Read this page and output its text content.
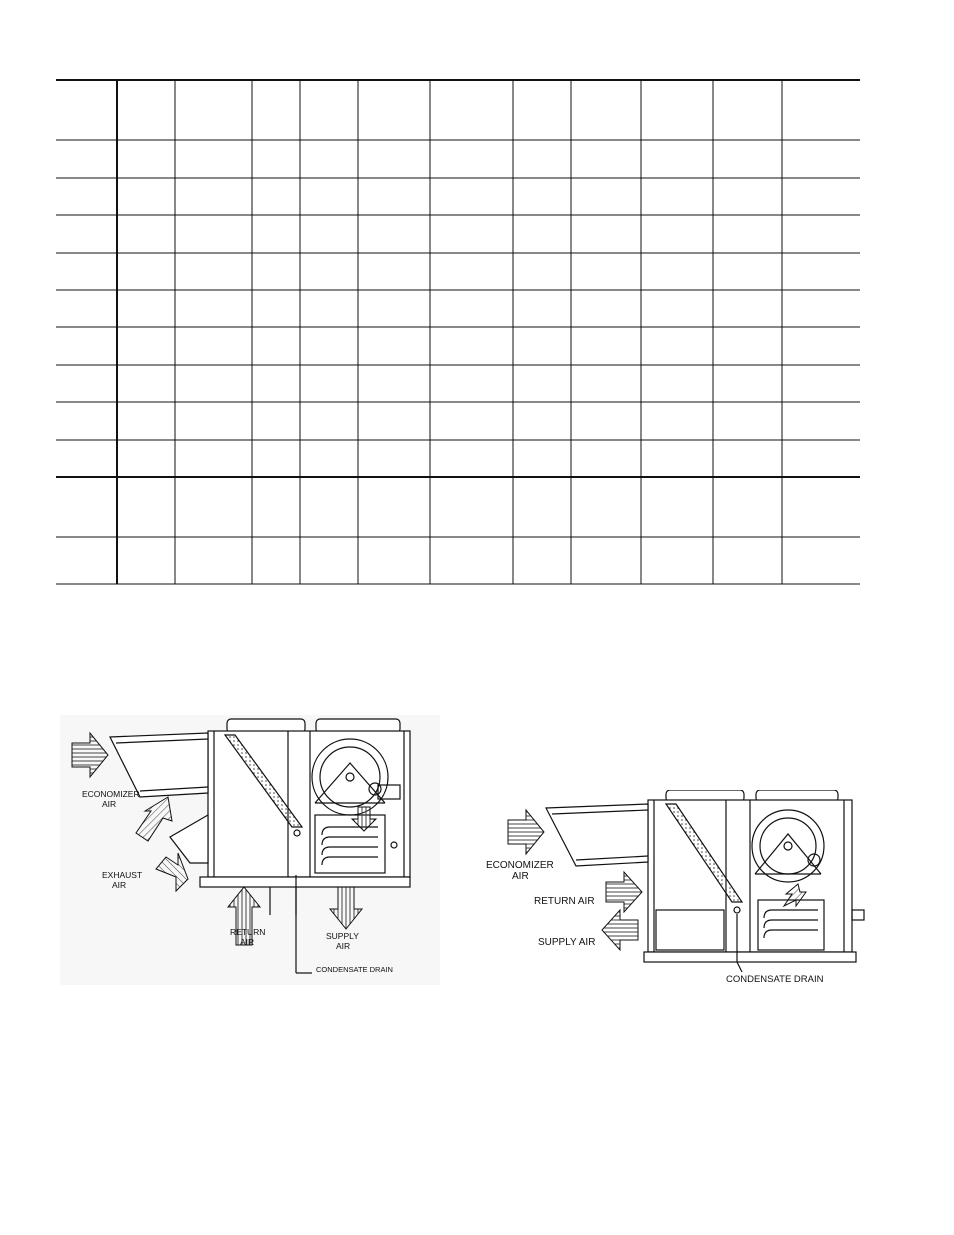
ECONOMIZER
AIR
EXHAUST
AIR
RETURN
AIR
SUPPLY
AIR
CONDENSATE DRAIN
ECONOMIZER
AIR
RETURN AIR
SUPPLY AIR
CONDENSATE DRAIN
